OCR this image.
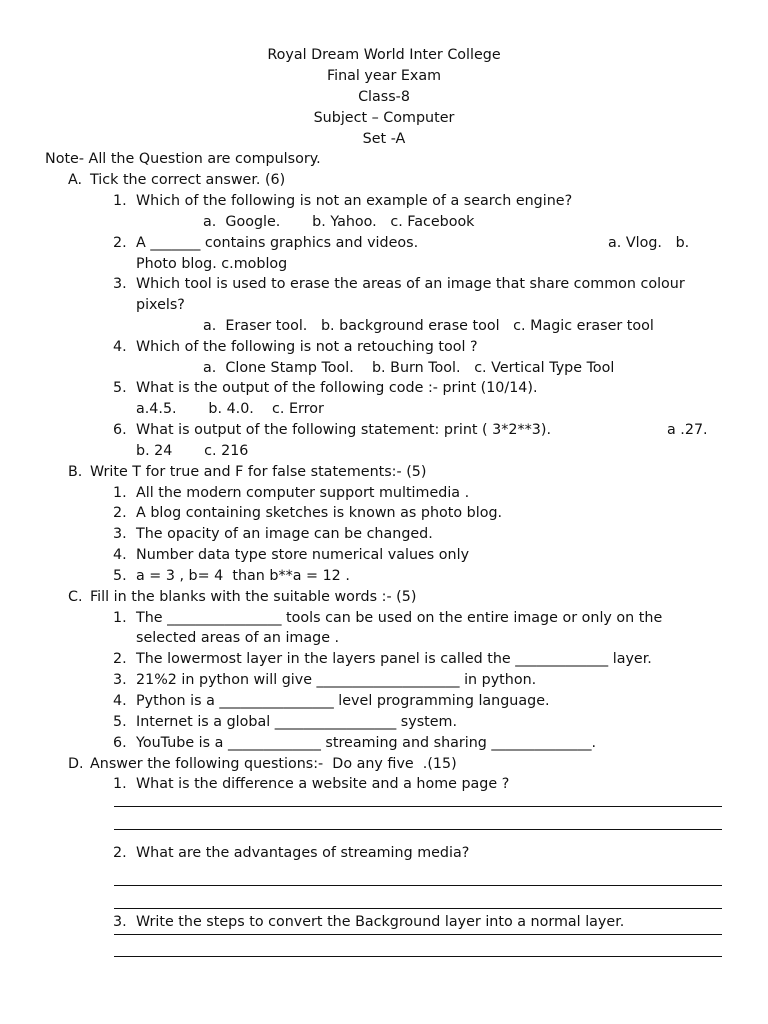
Royal Dream World Inter College
Final year Exam
Class-8
Subject – Computer
Set -A
Note- All the Question are compulsory.
A. Tick the correct answer. (6)
1. Which of the following is not an example of a search engine?
a.  Google.       b. Yahoo.   c. Facebook
2. A _______ contains graphics and videos.	a. Vlog.   b.
Photo blog. c.moblog
3. Which tool is used to erase the areas of an image that share common colour
pixels?
a.  Eraser tool.   b. background erase tool   c. Magic eraser tool
4. Which of the following is not a retouching tool ?
a.  Clone Stamp Tool.    b. Burn Tool.   c. Vertical Type Tool
5. What is the output of the following code :- print (10/14).
a.4.5.       b. 4.0.    c. Error
6. What is output of the following statement: print ( 3*2**3).	a .27.
b. 24       c. 216
B. Write T for true and F for false statements:- (5)
1. All the modern computer support multimedia .
2. A blog containing sketches is known as photo blog.
3. The opacity of an image can be changed.
4. Number data type store numerical values only
5. a = 3 , b= 4  than b**a = 12 .
C. Fill in the blanks with the suitable words :- (5)
1. The ________________ tools can be used on the entire image or only on the
selected areas of an image .
2. The lowermost layer in the layers panel is called the _____________ layer.
3. 21%2 in python will give ____________________ in python.
4. Python is a ________________ level programming language.
5. Internet is a global _________________ system.
6. YouTube is a _____________ streaming and sharing ______________.
D. Answer the following questions:-  Do any five  .(15)
1. What is the difference a website and a home page ?
2. What are the advantages of streaming media?
3. Write the steps to convert the Background layer into a normal layer.
